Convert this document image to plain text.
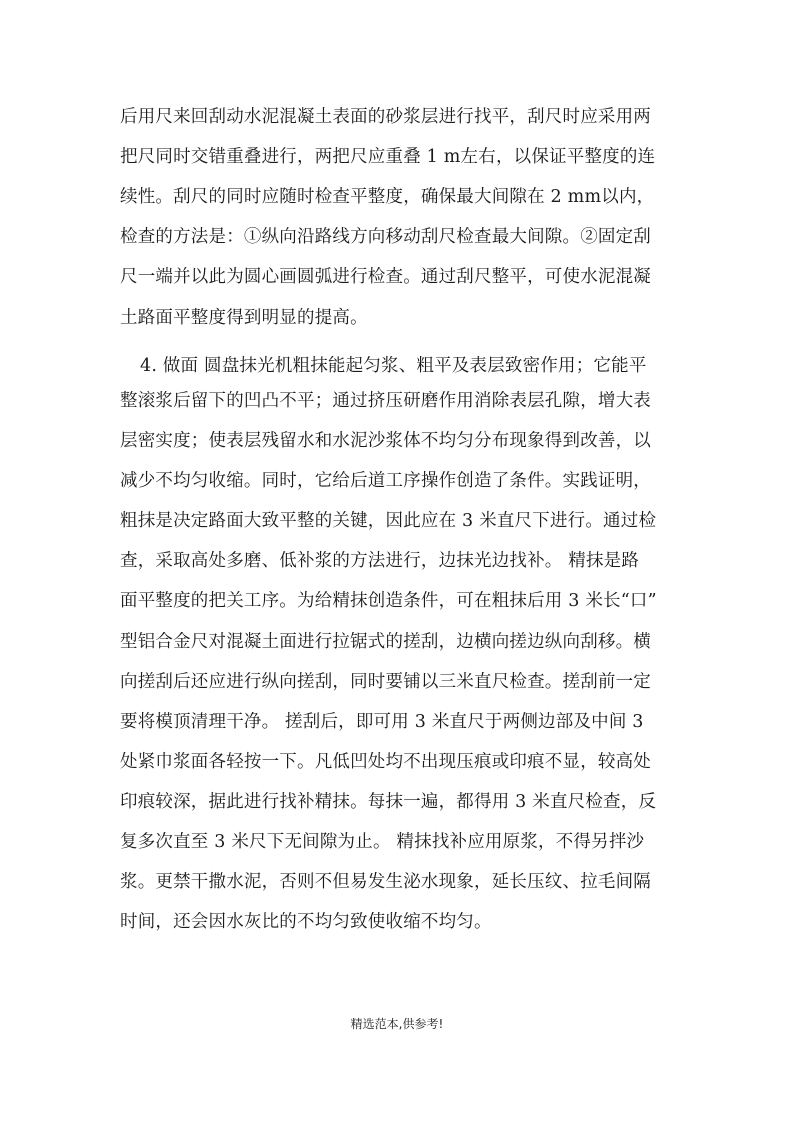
后用尺来回刮动水泥混凝土表面的砂浆层进行找平，刮尺时应采用两
把尺同时交错重叠进行，两把尺应重叠 1 m左右，以保证平整度的连
续性。刮尺的同时应随时检查平整度，确保最大间隙在 2 mm以内，
检查的方法是：①纵向沿路线方向移动刮尺检查最大间隙。②固定刮
尺一端并以此为圆心画圆弧进行检查。通过刮尺整平，可使水泥混凝
土路面平整度得到明显的提高。
4. 做面 圆盘抹光机粗抹能起匀浆、粗平及表层致密作用；它能平
整滚浆后留下的凹凸不平；通过挤压研磨作用消除表层孔隙，增大表
层密实度；使表层残留水和水泥沙浆体不均匀分布现象得到改善，以
减少不均匀收缩。同时，它给后道工序操作创造了条件。实践证明，
粗抹是决定路面大致平整的关键，因此应在 3 米直尺下进行。通过检
查，采取高处多磨、低补浆的方法进行，边抹光边找补。 精抹是路
面平整度的把关工序。为给精抹创造条件，可在粗抹后用 3 米长“口”
型铝合金尺对混凝土面进行拉锯式的搓刮，边横向搓边纵向刮移。横
向搓刮后还应进行纵向搓刮，同时要铺以三米直尺检查。搓刮前一定
要将模顶清理干净。 搓刮后，即可用 3 米直尺于两侧边部及中间 3
处紧巾浆面各轻按一下。凡低凹处均不出现压痕或印痕不显，较高处
印痕较深，据此进行找补精抹。每抹一遍，都得用 3 米直尺检查，反
复多次直至 3 米尺下无间隙为止。 精抹找补应用原浆，不得另拌沙
浆。更禁干撒水泥，否则不但易发生泌水现象，延长压纹、拉毛间隔
时间，还会因水灰比的不均匀致使收缩不均匀。
精选范本,供参考!
